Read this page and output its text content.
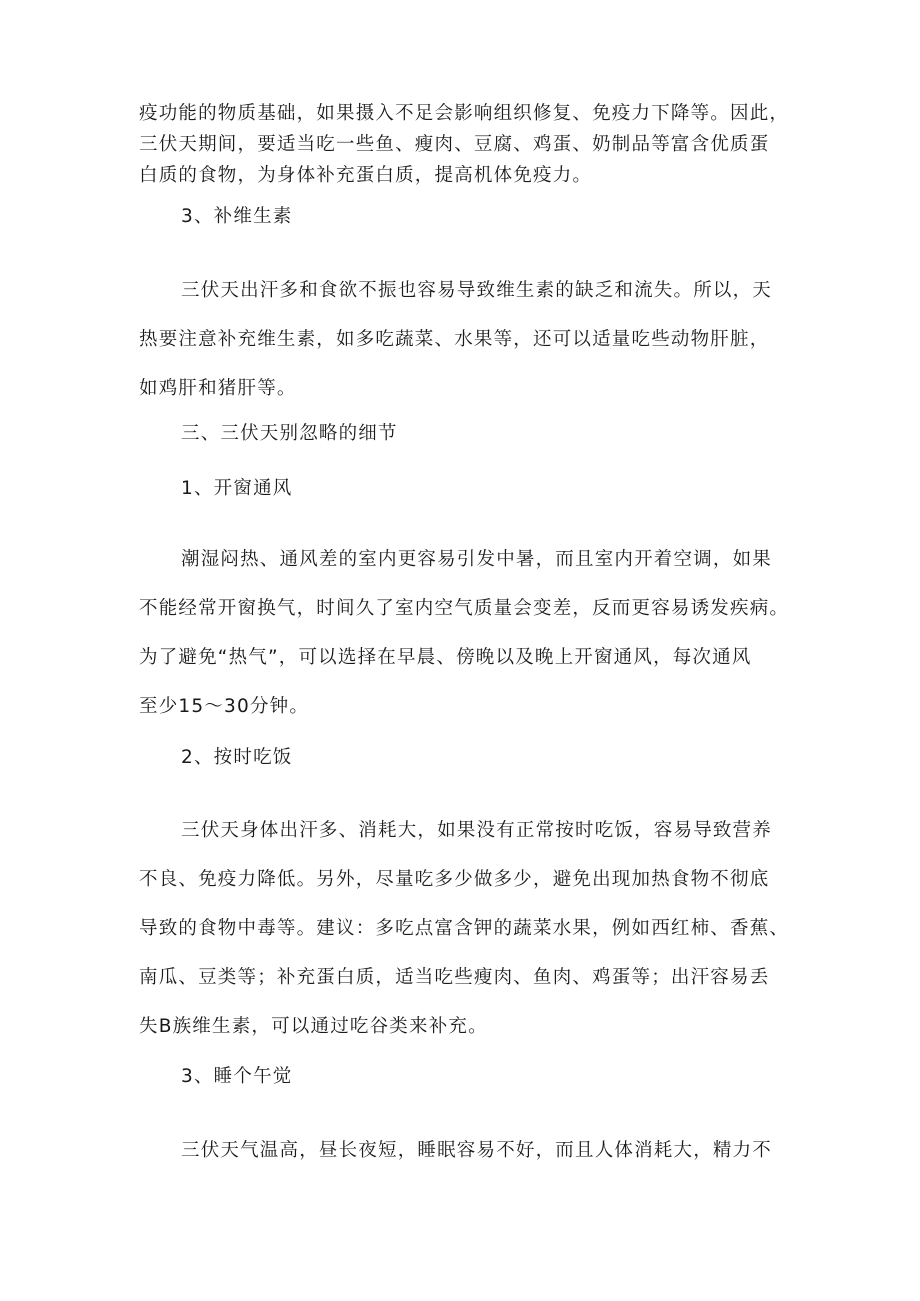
疫功能的物质基础，如果摄入不足会影响组织修复、免疫力下降等。因此，
三伏天期间，要适当吃一些鱼、瘦肉、豆腐、鸡蛋、奶制品等富含优质蛋
白质的食物，为身体补充蛋白质，提高机体免疫力。
3、补维生素
三伏天出汗多和食欲不振也容易导致维生素的缺乏和流失。所以，天
热要注意补充维生素，如多吃蔬菜、水果等，还可以适量吃些动物肝脏，
如鸡肝和猪肝等。
三、三伏天别忽略的细节
1、开窗通风
潮湿闷热、通风差的室内更容易引发中暑，而且室内开着空调，如果
不能经常开窗换气，时间久了室内空气质量会变差，反而更容易诱发疾病。
为了避免“热气”，可以选择在早晨、傍晚以及晚上开窗通风，每次通风
至少15～30分钟。
2、按时吃饭
三伏天身体出汗多、消耗大，如果没有正常按时吃饭，容易导致营养
不良、免疫力降低。另外，尽量吃多少做多少，避免出现加热食物不彻底
导致的食物中毒等。建议：多吃点富含钾的蔬菜水果，例如西红柿、香蕉、
南瓜、豆类等；补充蛋白质，适当吃些瘦肉、鱼肉、鸡蛋等；出汗容易丢
失B族维生素，可以通过吃谷类来补充。
3、睡个午觉
三伏天气温高，昼长夜短，睡眠容易不好，而且人体消耗大，精力不
